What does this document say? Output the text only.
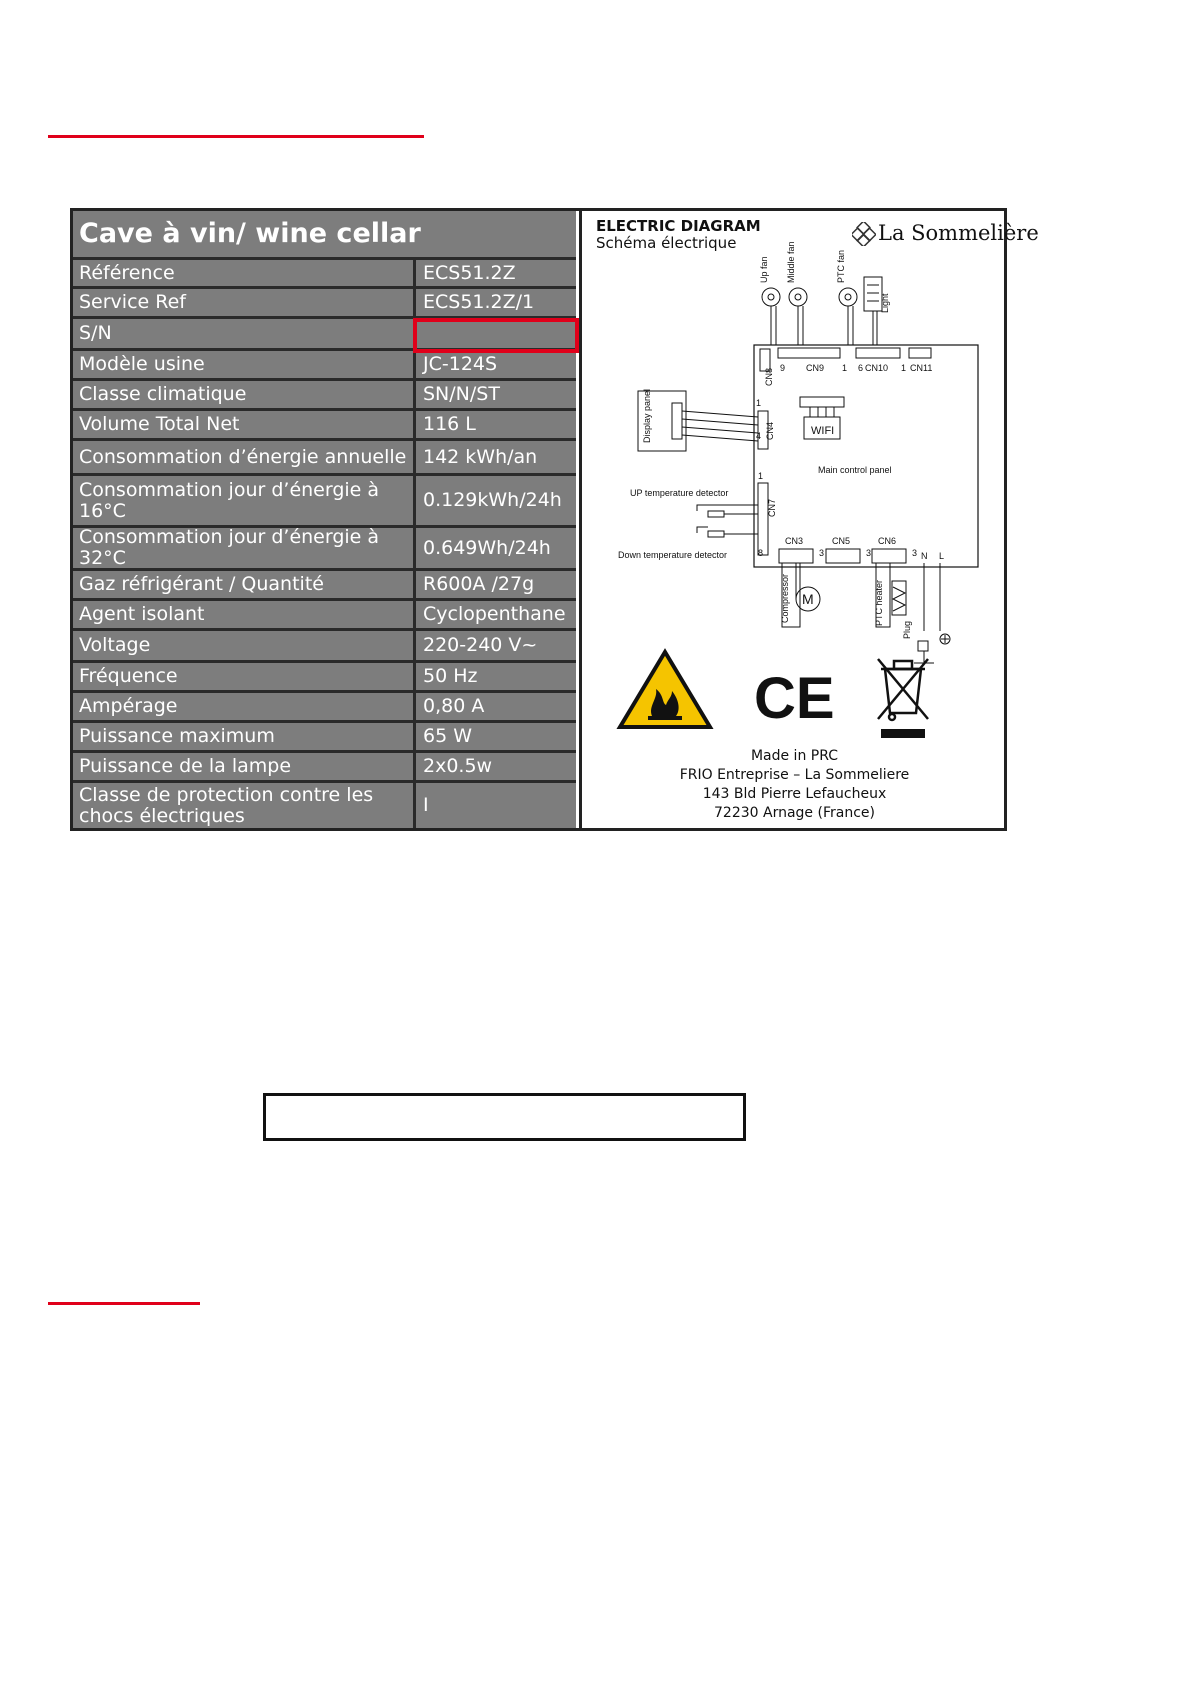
Cave à vin/ wine cellar
Référence	ECS51.2Z
Service Ref	ECS51.2Z/1
S/N
Modèle usine	JC-124S
Classe climatique	SN/N/ST
Volume Total Net	116 L
Consommation d’énergie annuelle 142 kWh/an
Consommation jour d’énergie à 16°C	0.129kWh/24h
Consommation jour d’énergie à 32°C	0.649Wh/24h
Gaz réfrigérant / Quantité	R600A /27g
Agent isolant	Cyclopenthane
Voltage	220-240 V~
Fréquence	50 Hz
Ampérage	0,80 A
Puissance maximum	65 W
Puissance de la lampe	2x0.5w
Classe de protection contre les chocs électriques	I
ELECTRIC DIAGRAM
Schéma électrique	La Sommelière
Up fan Middle fan	PTC fan
Light
CN8	CN9	CN10 CN11
CN4
CN7
CN3	CN5	CN6
9	1 6	1
1
4
1
8	3	3	3
Main control panel
WIFI
UP temperature detector
Down temperature detector	N L
Display panel
Compressor	PTC heater
Plug
M
CE
Made in PRC
FRIO Entreprise – La Sommeliere
143 Bld Pierre Lefaucheux
72230 Arnage (France)
